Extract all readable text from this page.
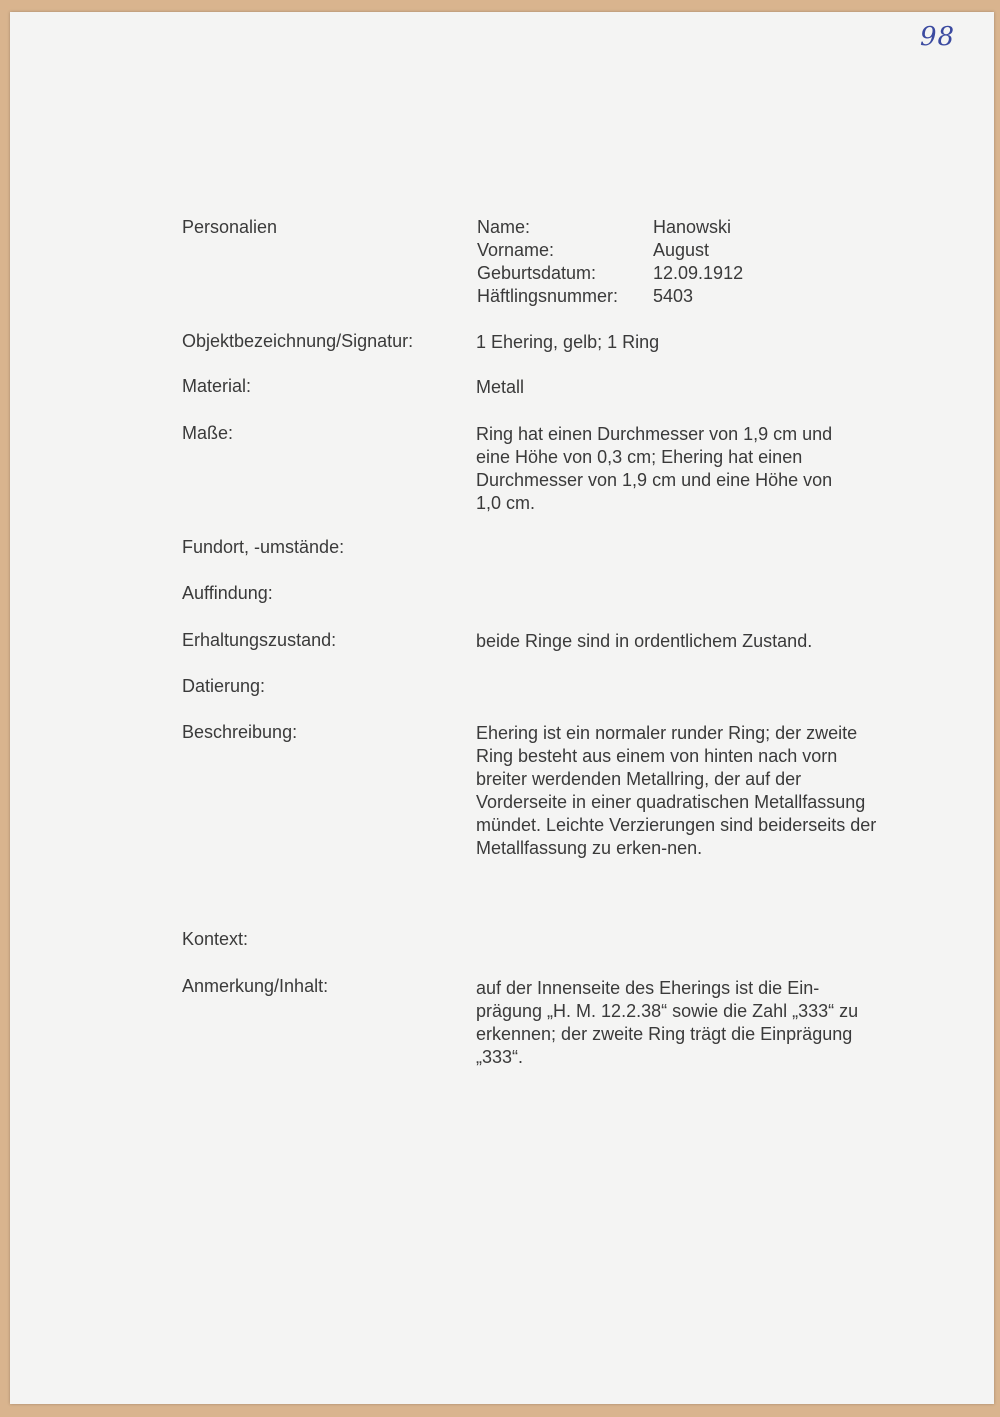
98
Personalien	Name:	Hanowski
Vorname:	August
Geburtsdatum:	12.09.1912
Häftlingsnummer:	5403
Objektbezeichnung/Signatur:	1 Ehering, gelb; 1 Ring
Material:	Metall
Maße:	Ring hat einen Durchmesser von 1,9 cm und eine Höhe von 0,3 cm; Ehering hat einen Durchmesser von 1,9 cm und eine Höhe von 1,0 cm.
Fundort, -umstände:
Auffindung:
Erhaltungszustand:	beide Ringe sind in ordentlichem Zustand.
Datierung:
Beschreibung:	Ehering ist ein normaler runder Ring; der zweite Ring besteht aus einem von hinten nach vorn breiter werdenden Metallring, der auf der Vorderseite in einer quadratischen Metallfassung mündet. Leichte Verzierungen sind beiderseits der Metallfassung zu erken-nen.
Kontext:
Anmerkung/Inhalt:	auf der Innenseite des Eherings ist die Ein-prägung „H. M. 12.2.38“ sowie die Zahl „333“ zu erkennen; der zweite Ring trägt die Einprägung „333“.
